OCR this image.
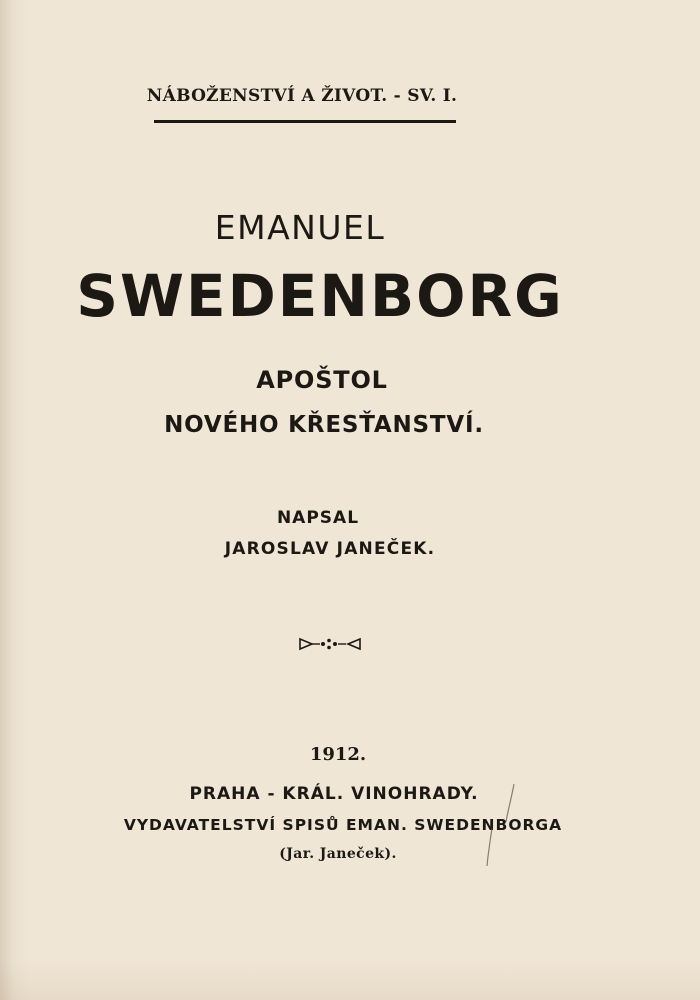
NÁBOŽENSTVÍ A ŽIVOT. - SV. I.
EMANUEL
SWEDENBORG
APOŠTOL
NOVÉHO KŘESŤANSTVÍ.
NAPSAL
JAROSLAV JANEČEK.
1912.
PRAHA - KRÁL. VINOHRADY.
VYDAVATELSTVÍ SPISŮ EMAN. SWEDENBORGA
(Jar. Janeček).
